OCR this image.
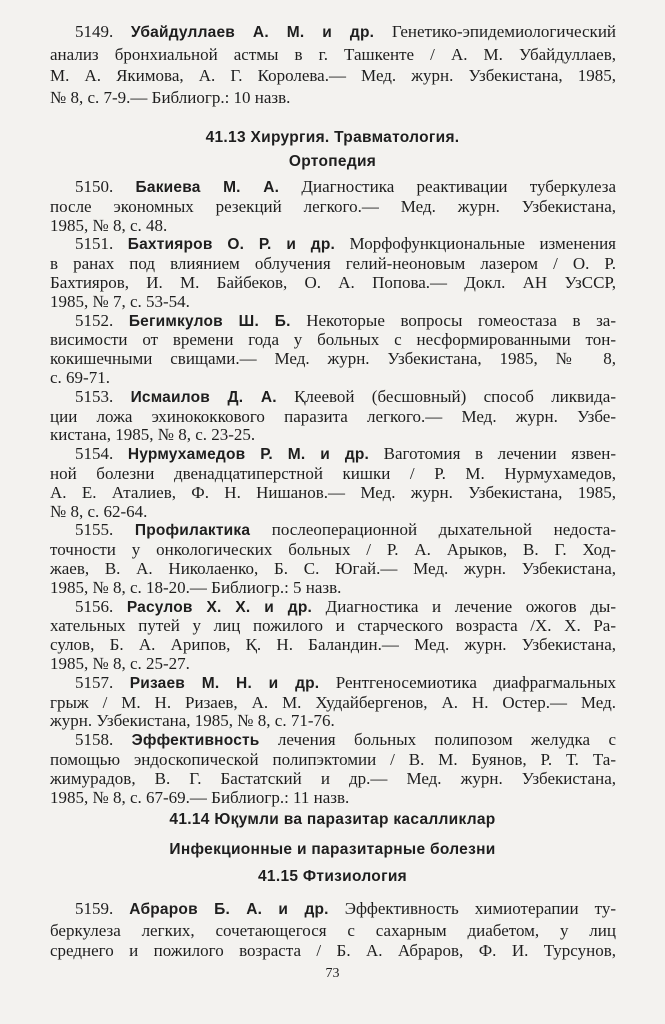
5149. Убайдуллаев А. М. и др. Генетико-эпидемиологический
анализ бронхиальной астмы в г. Ташкенте / А. М. Убайдуллаев,
М. А. Якимова, А. Г. Королева.— Мед. журн. Узбекистана, 1985,
№ 8, с. 7-9.— Библиогр.: 10 назв.
41.13 Хирургия. Травматология.
Ортопедия
5150. Бакиева М. А. Диагностика реактивации туберкулеза
после экономных резекций легкого.— Мед. журн. Узбекистана,
1985, № 8, с. 48.
5151. Бахтияров О. Р. и др. Морфофункциональные изменения
в ранах под влиянием облучения гелий-неоновым лазером / О. Р.
Бахтияров, И. М. Байбеков, О. А. Попова.— Докл. АН УзССР,
1985, № 7, с. 53-54.
5152. Бегимкулов Ш. Б. Некоторые вопросы гомеостаза в за-
висимости от времени года у больных с несформированными тон-
кокишечными свищами.— Мед. журн. Узбекистана, 1985, № 8,
с. 69-71.
5153. Исмаилов Д. А. Қлеевой (бесшовный) способ ликвида-
ции ложа эхинококкового паразита легкого.— Мед. журн. Узбе-
кистана, 1985, № 8, с. 23-25.
5154. Нурмухамедов Р. М. и др. Ваготомия в лечении язвен-
ной болезни двенадцатиперстной кишки / Р. М. Нурмухамедов,
А. Е. Аталиев, Ф. Н. Нишанов.— Мед. журн. Узбекистана, 1985,
№ 8, с. 62-64.
5155. Профилактика послеоперационной дыхательной недоста-
точности у онкологических больных / Р. А. Арыков, В. Г. Ход-
жаев, В. А. Николаенко, Б. С. Югай.— Мед. журн. Узбекистана,
1985, № 8, с. 18-20.— Библиогр.: 5 назв.
5156. Расулов Х. Х. и др. Диагностика и лечение ожогов ды-
хательных путей у лиц пожилого и старческого возраста /Х. Х. Ра-
сулов, Б. А. Арипов, Қ. Н. Баландин.— Мед. журн. Узбекистана,
1985, № 8, с. 25-27.
5157. Ризаев М. Н. и др. Рентгеносемиотика диафрагмальных
грыж / М. Н. Ризаев, А. М. Худайбергенов, А. Н. Остер.— Мед.
журн. Узбекистана, 1985, № 8, с. 71-76.
5158. Эффективность лечения больных полипозом желудка с
помощью эндоскопической полипэктомии / В. М. Буянов, Р. Т. Та-
жимурадов, В. Г. Бастатский и др.— Мед. журн. Узбекистана,
1985, № 8, с. 67-69.— Библиогр.: 11 назв.
41.14 Юқумли ва паразитар касалликлар
Инфекционные и паразитарные болезни
41.15 Фтизиология
5159. Абраров Б. А. и др. Эффективность химиотерапии ту-
беркулеза легких, сочетающегося с сахарным диабетом, у лиц
среднего и пожилого возраста / Б. А. Абраров, Ф. И. Турсунов,
73
